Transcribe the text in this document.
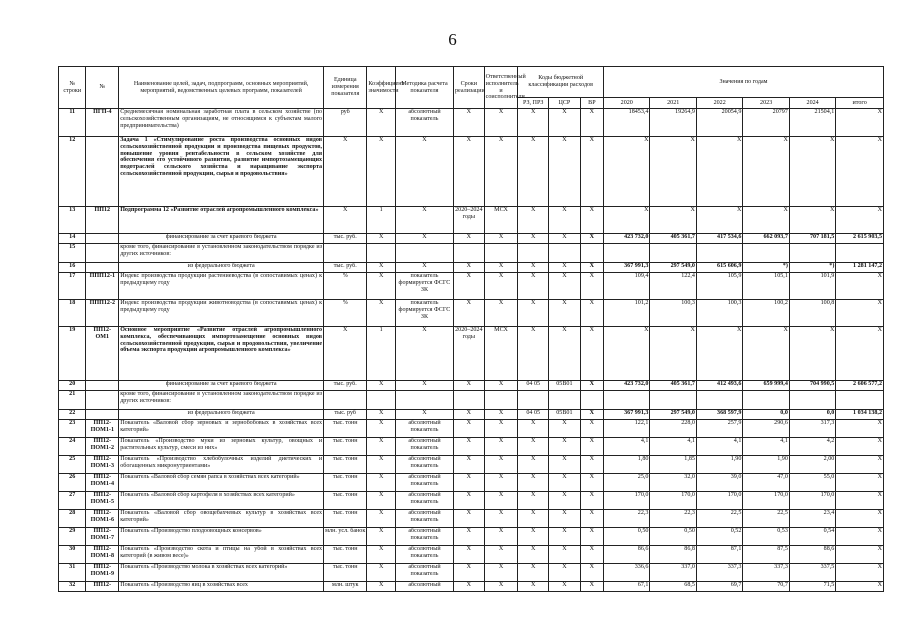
6
№ строки	№	Наименование целей, задач, подпрограмм, основных мероприятий, мероприятий, ведомственных целевых программ, показателей	Единица измерения показателя	Коэффициент значимости	Методика расчета показателя	Сроки реализации	Ответственный исполнитель и соисполнители	Коды бюджетной классификации расходов			Значения по годам					
								РЗ, ПРЗ	ЦСР	ВР	2020	2021	2022	2023	2024	итого
11	ПГП-4	Среднемесячная номинальная заработная плата в сельском хозяйстве (по сельскохозяйственным организациям, не относящимся к субъектам малого предпринимательства)	руб	X	абсолютный показатель	X	X	X	X	X	18453,4	19264,9	20054,9	20797	21504,1	X
12		Задача 1 «Стимулирование роста производства основных видов сельскохозяйственной продукции и производства пищевых продуктов, повышение уровня рентабельности в сельском хозяйстве для обеспечения его устойчивого развития, развитие импортозамещающих подотраслей сельского хозяйства и наращивание экспорта сельскохозяйственной продукции, сырья и продовольствия»	X	X	X	X	X	X	X	X	X	X	X	X	X	X
13	ПП12	Подпрограмма 12 «Развитие отраслей агропромышленного комплекса»	X	1	X	2020–2024 годы	МСХ	X	X	X	X	X	X	X	X	X
14		финансирование за счет краевого бюджета	тыс. руб.	X	X	X	X	X	X	X	423 732,0	405 361,7	417 534,6	662 093,7	707 181,5	2 615 903,5
15		кроме того, финансирование в установленном законодательством порядке из других источников:														
16		из федерального бюджета	тыс. руб.	X	X	X	X	X	X	X	367 991,3	297 549,0	615 606,9	*)	*)	1 281 147,2
17	ППП12-1	Индекс производства продукции растениеводства (в сопоставимых ценах) к предыдущему году	%	X	показатель формируется ФСГС ЗК	X	X	X	X	X	109,4	122,4	105,9	105,1	101,9	X
18	ППП12-2	Индекс производства продукции животноводства (в сопоставимых ценах) к предыдущему году	%	X	показатель формируется ФСГС ЗК	X	X	X	X	X	101,2	100,3	100,3	100,2	100,8	X
19	ПП12-ОМ1	Основное мероприятие «Развитие отраслей агропромышленного комплекса, обеспечивающих импортозамещение основных видов сельскохозяйственной продукции, сырья и продовольствия, увеличение объема экспорта продукции агропромышленного комплекса»	X	1	X	2020–2024 годы	МСХ	X	X	X	X	X	X	X	X	X
20		финансирование за счет краевого бюджета	тыс. руб.	X	X	X	X	04 05	05В01	X	423 732,0	405 361,7	412 493,6	659 999,4	704 990,5	2 606 577,2
21		кроме того, финансирование в установленном законодательством порядке из других источников:														
22		из федерального бюджета	тыс. руб	X	X	X	X	04 05	05В01	X	367 991,3	297 549,0	368 597,9	0,0	0,0	1 034 138,2
23	ПП12-ПОМ1-1	Показатель «Валовой сбор зерновых и зернобобовых в хозяйствах всех категорий»	тыс. тонн	X	абсолютный показатель	X	X	X	X	X	122,1	228,0	257,9	290,6	317,3	X
24	ПП12-ПОМ1-2	Показатель «Производство муки из зерновых культур, овощных и растительных культур, смеси из них»	тыс. тонн	X	абсолютный показатель	X	X	X	X	X	4,1	4,1	4,1	4,1	4,2	X
25	ПП12-ПОМ1-3	Показатель «Производство хлебобулочных изделий диетических и обогащенных микронутриентами»	тыс. тонн	X	абсолютный показатель	X	X	X	X	X	1,80	1,85	1,90	1,90	2,00	X
26	ПП12-ПОМ1-4	Показатель «Валовой сбор семян рапса в хозяйствах всех категорий»	тыс. тонн	X	абсолютный показатель	X	X	X	X	X	25,0	32,0	39,0	47,0	55,0	X
27	ПП12-ПОМ1-5	Показатель «Валовой сбор картофеля в хозяйствах всех категорий»	тыс. тонн	X	абсолютный показатель	X	X	X	X	X	170,0	170,0	170,0	170,0	170,0	X
28	ПП12-ПОМ1-6	Показатель «Валовой сбор овощебахчевых культур в хозяйствах всех категорий»	тыс. тонн	X	абсолютный показатель	X	X	X	X	X	22,3	22,3	22,5	22,5	23,4	X
29	ПП12-ПОМ1-7	Показатель «Производство плодоовощных консервов»	млн. усл. банок	X	абсолютный показатель	X	X	X	X	X	0,50	0,50	0,52	0,53	0,54	X
30	ПП12-ПОМ1-8	Показатель «Производство скота и птицы на убой в хозяйствах всех категорий (в живом весе)»	тыс. тонн	X	абсолютный показатель	X	X	X	X	X	86,6	86,8	87,1	87,5	88,6	X
31	ПП12-ПОМ1-9	Показатель «Производство молока в хозяйствах всех категорий»	тыс. тонн	X	абсолютный показатель	X	X	X	X	X	336,6	337,0	337,3	337,3	337,5	X
32	ПП12-	Показатель «Производство яиц в хозяйствах всех	млн. штук	X	абсолютный	X	X	X	X	X	67,1	68,5	69,7	70,7	71,5	X
